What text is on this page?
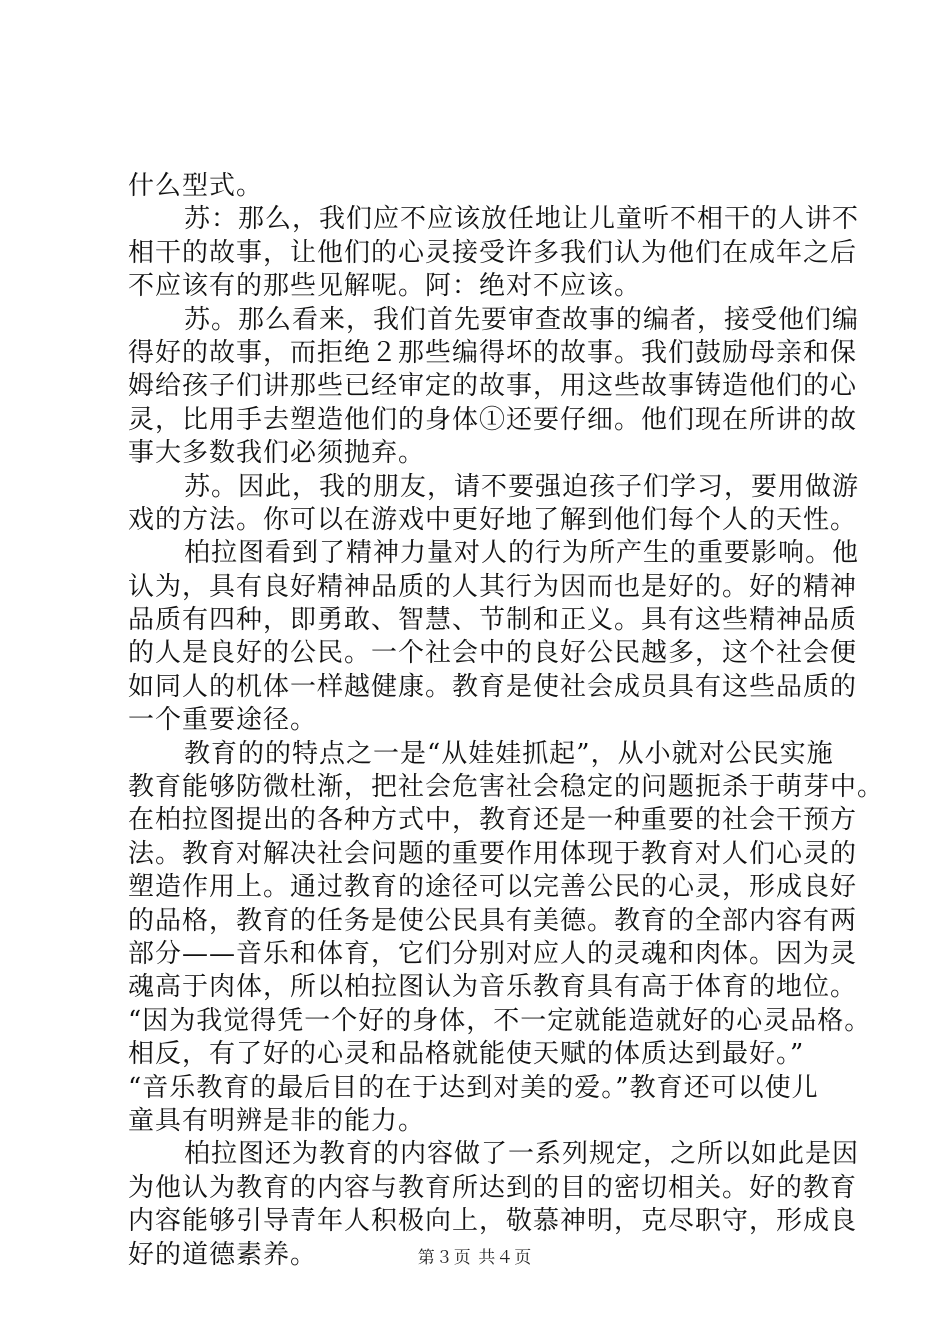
什么型式。
苏：那么，我们应不应该放任地让儿童听不相干的人讲不
相干的故事，让他们的心灵接受许多我们认为他们在成年之后
不应该有的那些见解呢。阿：绝对不应该。
苏。那么看来，我们首先要审查故事的编者，接受他们编
得好的故事，而拒绝２那些编得坏的故事。我们鼓励母亲和保
姆给孩子们讲那些已经审定的故事，用这些故事铸造他们的心
灵，比用手去塑造他们的身体①还要仔细。他们现在所讲的故
事大多数我们必须抛弃。
苏。因此，我的朋友，请不要强迫孩子们学习，要用做游
戏的方法。你可以在游戏中更好地了解到他们每个人的天性。
柏拉图看到了精神力量对人的行为所产生的重要影响。他
认为，具有良好精神品质的人其行为因而也是好的。好的精神
品质有四种，即勇敢、智慧、节制和正义。具有这些精神品质
的人是良好的公民。一个社会中的良好公民越多，这个社会便
如同人的机体一样越健康。教育是使社会成员具有这些品质的
一个重要途径。
教育的的特点之一是“从娃娃抓起”，从小就对公民实施
教育能够防微杜渐，把社会危害社会稳定的问题扼杀于萌芽中。
在柏拉图提出的各种方式中，教育还是一种重要的社会干预方
法。教育对解决社会问题的重要作用体现于教育对人们心灵的
塑造作用上。通过教育的途径可以完善公民的心灵，形成良好
的品格，教育的任务是使公民具有美德。教育的全部内容有两
部分——音乐和体育，它们分别对应人的灵魂和肉体。因为灵
魂高于肉体，所以柏拉图认为音乐教育具有高于体育的地位。
“因为我觉得凭一个好的身体，不一定就能造就好的心灵品格。
相反，有了好的心灵和品格就能使天赋的体质达到最好。”
“音乐教育的最后目的在于达到对美的爱。”教育还可以使儿
童具有明辨是非的能力。
柏拉图还为教育的内容做了一系列规定，之所以如此是因
为他认为教育的内容与教育所达到的目的密切相关。好的教育
内容能够引导青年人积极向上，敬慕神明，克尽职守，形成良
好的道德素养。	第３页 共４页
